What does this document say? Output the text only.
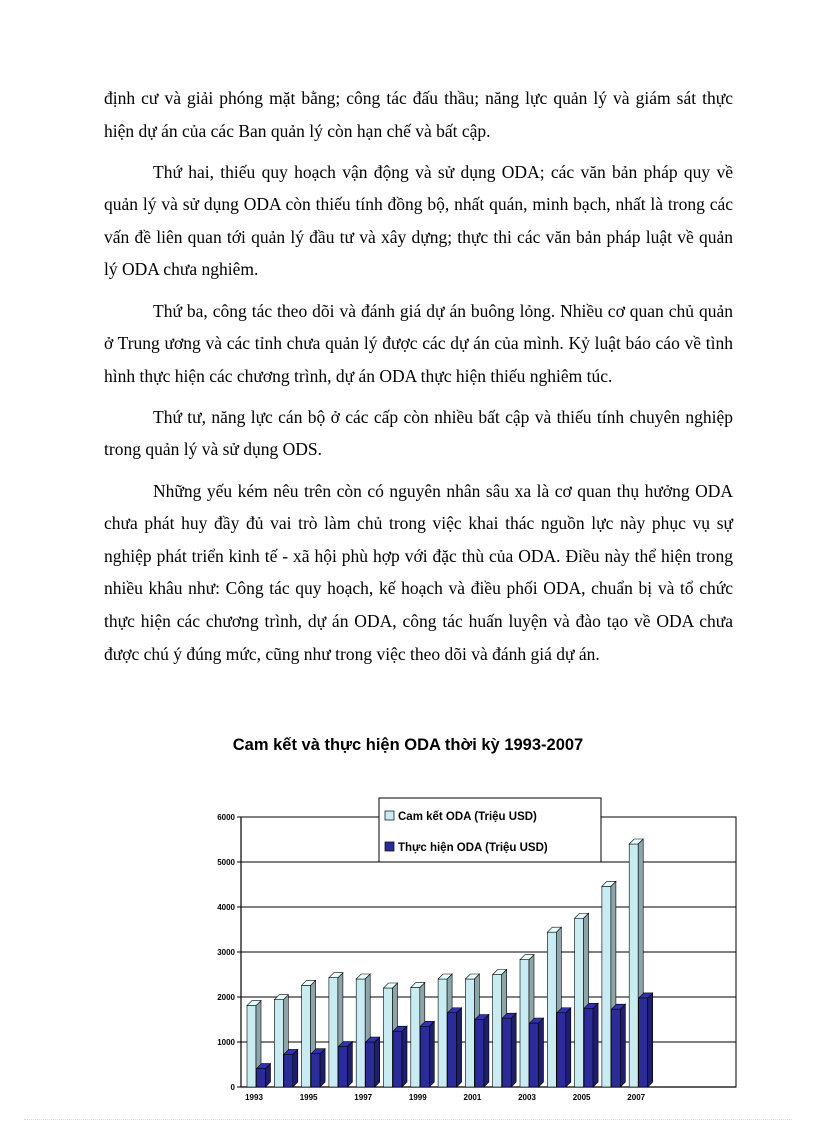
định cư và giải phóng mặt bằng; công tác đấu thầu; năng lực quản lý và giám sát thực hiện dự án của các Ban quản lý còn hạn chế và bất cập.

Thứ hai, thiếu quy hoạch vận động và sử dụng ODA; các văn bản pháp quy về quản lý và sử dụng ODA còn thiếu tính đồng bộ, nhất quán, minh bạch, nhất là trong các vấn đề liên quan tới quản lý đầu tư và xây dựng; thực thi các văn bản pháp luật về quản lý ODA chưa nghiêm.

Thứ ba, công tác theo dõi và đánh giá dự án buông lỏng. Nhiều cơ quan chủ quản ở Trung ương và các tỉnh chưa quản lý được các dự án của mình. Kỷ luật báo cáo về tình hình thực hiện các chương trình, dự án ODA thực hiện thiếu nghiêm túc.

Thứ tư, năng lực cán bộ ở các cấp còn nhiều bất cập và thiếu tính chuyên nghiệp trong quản lý và sử dụng ODS.

Những yếu kém nêu trên còn có nguyên nhân sâu xa là cơ quan thụ hưởng ODA chưa phát huy đầy đủ vai trò làm chủ trong việc khai thác nguồn lực này phục vụ sự nghiệp phát triển kinh tế - xã hội phù hợp với đặc thù của ODA. Điều này thể hiện trong nhiều khâu như: Công tác quy hoạch, kế hoạch và điều phối ODA, chuẩn bị và tổ chức thực hiện các chương trình, dự án ODA, công tác huấn luyện và đào tạo về ODA chưa được chú ý đúng mức, cũng như trong việc theo dõi và đánh giá dự án.

Cam kết và thực hiện ODA thời kỳ 1993-2007
0
1000
2000
3000
4000
5000
6000
1993	1995	1997	1999	2001	2003	2005	2007
Cam kết ODA (Triệu USD)
Thực hiện ODA (Triệu USD)
